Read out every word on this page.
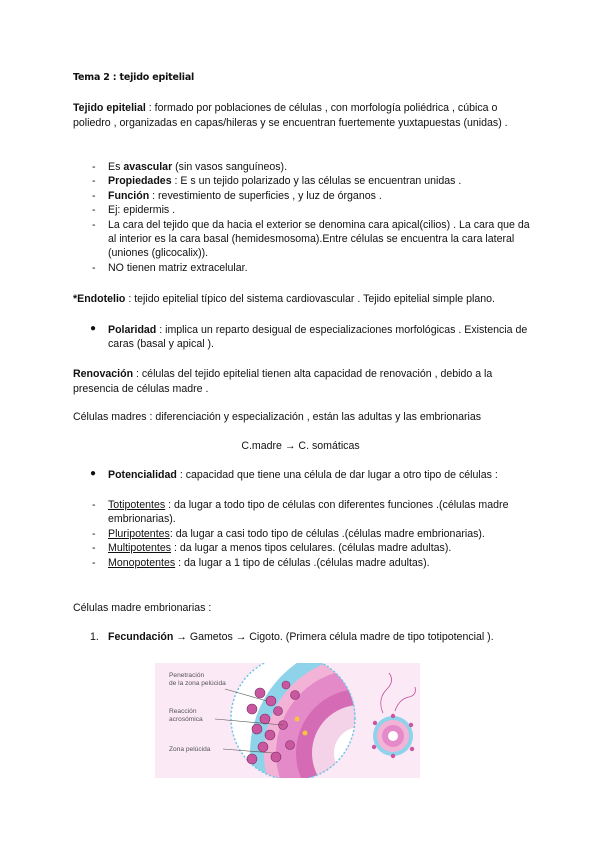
Tema 2 : tejido epitelial
Tejido epitelial : formado por poblaciones de células , con morfología poliédrica , cúbica o poliedro , organizadas en capas/hileras y se encuentran fuertemente yuxtapuestas (unidas) .
- Es avascular (sin vasos sanguíneos).
- Propiedades : E s un tejido polarizado y las células se encuentran unidas .
- Función : revestimiento de superficies , y luz de órganos .
- Ej: epidermis .
- La cara del tejido que da hacia el exterior se denomina cara apical(cilios) . La cara que da al interior es la cara basal (hemidesmosoma).Entre células se encuentra la cara lateral (uniones (glicocalix)).
- NO tienen matriz extracelular.
*Endotelio : tejido epitelial típico del sistema cardiovascular . Tejido epitelial simple plano.
● Polaridad : implica un reparto desigual de especializaciones morfológicas . Existencia de caras (basal y apical ).
Renovación : células del tejido epitelial tienen alta capacidad de renovación , debido a la presencia de células madre .
Células madres : diferenciación y especialización , están las adultas y las embrionarias
C.madre → C. somáticas
● Potencialidad : capacidad que tiene una célula de dar lugar a otro tipo de células :
- Totipotentes : da lugar a todo tipo de células con diferentes funciones .(células madre embrionarias).
- Pluripotentes: da lugar a casi todo tipo de células .(células madre embrionarias).
- Multipotentes : da lugar a menos tipos celulares. (células madre adultas).
- Monopotentes : da lugar a 1 tipo de células .(células madre adultas).
Células madre embrionarias :
1. Fecundación → Gametos → Cigoto. (Primera célula madre de tipo totipotencial ).
Penetración
de la zona pelúcida
Reacción
acrosómica
Zona pelúcida
